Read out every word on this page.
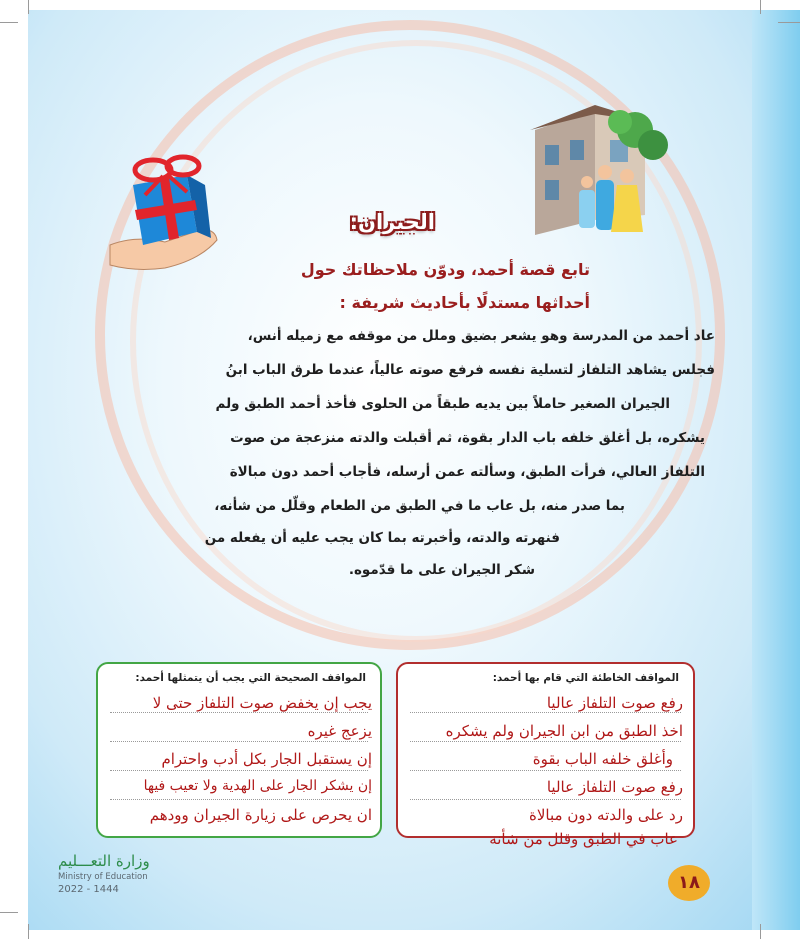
الجيران:
تابع قصة أحمد، ودوّن ملاحظاتك حول
أحداثها مستدلًا بأحاديث شريفة :
عاد أحمد من المدرسة وهو يشعر بضيق وملل من موقفه مع زميله أنس،
فجلس يشاهد التلفاز لتسلية نفسه فرفع صوته عالياً، عندما طرق الباب ابنُ
الجيران الصغير حاملاً بين يديه طبقاً من الحلوى فأخذ أحمد الطبق ولم
يشكره، بل أغلق خلفه باب الدار بقوة، ثم أقبلت والدته منزعجة من صوت
التلفاز العالي، فرأت الطبق، وسألته عمن أرسله، فأجاب أحمد دون مبالاة
بما صدر منه، بل عاب ما في الطبق من الطعام وقلّل من شأنه،
فنهرته والدته، وأخبرته بما كان يجب عليه أن يفعله من
شكر الجيران على ما قدّموه.
المواقف الخاطئة التي قام بها أحمد:
رفع صوت التلفاز عاليا
اخذ الطبق من ابن الجيران ولم يشكره
وأغلق خلفه الباب بقوة
رفع صوت التلفاز عاليا
رد على والدته دون مبالاة
عاب في الطبق وقلل من شأنه
المواقف الصحيحة التي يجب أن يتمثلها أحمد:
يجب إن يخفض صوت التلفاز حتى لا
يزعج غيره
إن يستقبل الجار بكل أدب واحترام
إن يشكر الجار على الهدية ولا تعيب فيها
ان يحرص على زيارة الجيران وودهم
وزارة التعـــليم
Ministry of Education
2022 - 1444	١٨
